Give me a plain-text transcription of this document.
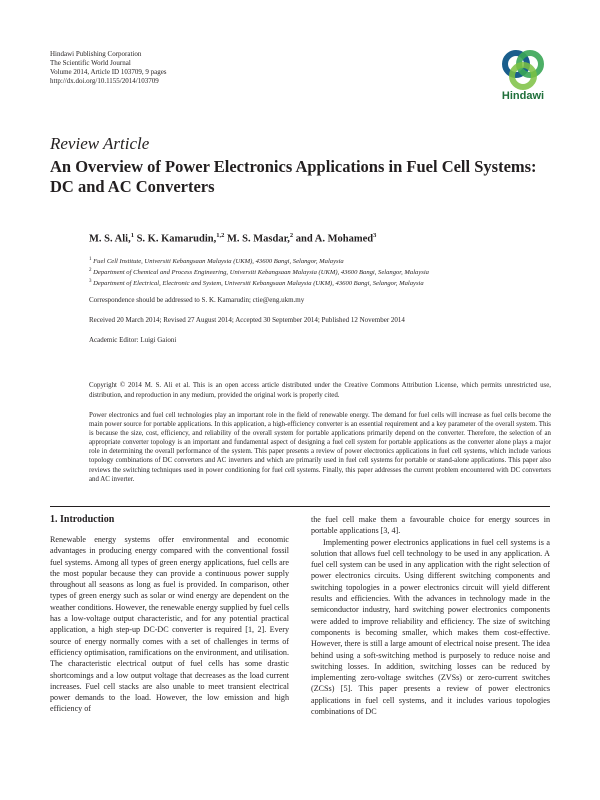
Hindawi Publishing Corporation
The Scientific World Journal
Volume 2014, Article ID 103709, 9 pages
http://dx.doi.org/10.1155/2014/103709
Hindawi
Review Article
An Overview of Power Electronics Applications in Fuel Cell Systems: DC and AC Converters
M. S. Ali,$^1$ S. K. Kamarudin,$^{1,2}$ M. S. Masdar,$^2$ and A. Mohamed$^3$
$^1$ Fuel Cell Institute, Universiti Kebangsaan Malaysia (UKM), 43600 Bangi, Selangor, Malaysia
$^2$ Department of Chemical and Process Engineering, Universiti Kebangsaan Malaysia (UKM), 43600 Bangi, Selangor, Malaysia
$^3$ Department of Electrical, Electronic and System, Universiti Kebangsaan Malaysia (UKM), 43600 Bangi, Selangor, Malaysia
Correspondence should be addressed to S. K. Kamarudin; ctie@eng.ukm.my
Received 20 March 2014; Revised 27 August 2014; Accepted 30 September 2014; Published 12 November 2014
Academic Editor: Luigi Gaioni
Copyright © 2014 M. S. Ali et al. This is an open access article distributed under the Creative Commons Attribution License, which permits unrestricted use, distribution, and reproduction in any medium, provided the original work is properly cited.
Power electronics and fuel cell technologies play an important role in the field of renewable energy. The demand for fuel cells will increase as fuel cells become the main power source for portable applications. In this application, a high-efficiency converter is an essential requirement and a key parameter of the overall system. This is because the size, cost, efficiency, and reliability of the overall system for portable applications primarily depend on the converter. Therefore, the selection of an appropriate converter topology is an important and fundamental aspect of designing a fuel cell system for portable applications as the converter alone plays a major role in determining the overall performance of the system. This paper presents a review of power electronics applications in fuel cell systems, which include various topology combinations of DC converters and AC inverters and which are primarily used in fuel cell systems for portable or stand-alone applications. This paper also reviews the switching techniques used in power conditioning for fuel cell systems. Finally, this paper addresses the current problem encountered with DC converters and AC inverter.
1. Introduction

Renewable energy systems offer environmental and economic advantages in producing energy compared with the conventional fossil fuel systems. Among all types of green energy applications, fuel cells are the most popular because they can provide a continuous power supply throughout all seasons as long as fuel is provided. In comparison, other types of green energy such as solar or wind energy are dependent on the weather conditions. However, the renewable energy supplied by fuel cells has a low-voltage output characteristic, and for any potential practical application, a high step-up DC-DC converter is required [1, 2]. Every source of energy normally comes with a set of challenges in terms of efficiency optimisation, ramifications on the environment, and utilisation. The characteristic electrical output of fuel cells has some drastic shortcomings and a low output voltage that decreases as the load current increases. Fuel cell stacks are also unable to meet transient electrical power demands to the load. However, the low emission and high efficiency of

the fuel cell make them a favourable choice for energy sources in portable applications [3, 4].

Implementing power electronics applications in fuel cell systems is a solution that allows fuel cell technology to be used in any application. A fuel cell system can be used in any application with the right selection of power electronics circuits. Using different switching components and switching topologies in a power electronics circuit will yield different results and efficiencies. With the advances in technology made in the semiconductor industry, hard switching power electronics components were added to improve reliability and efficiency. The size of switching components is becoming smaller, which makes them cost-effective. However, there is still a large amount of electrical noise present. The idea behind using a soft-switching method is purposely to reduce noise and switching losses. In addition, switching losses can be reduced by implementing zero-voltage switches (ZVSs) or zero-current switches (ZCSs) [5]. This paper presents a review of power electronics applications in fuel cell systems, and it includes various topologies combinations of DC
